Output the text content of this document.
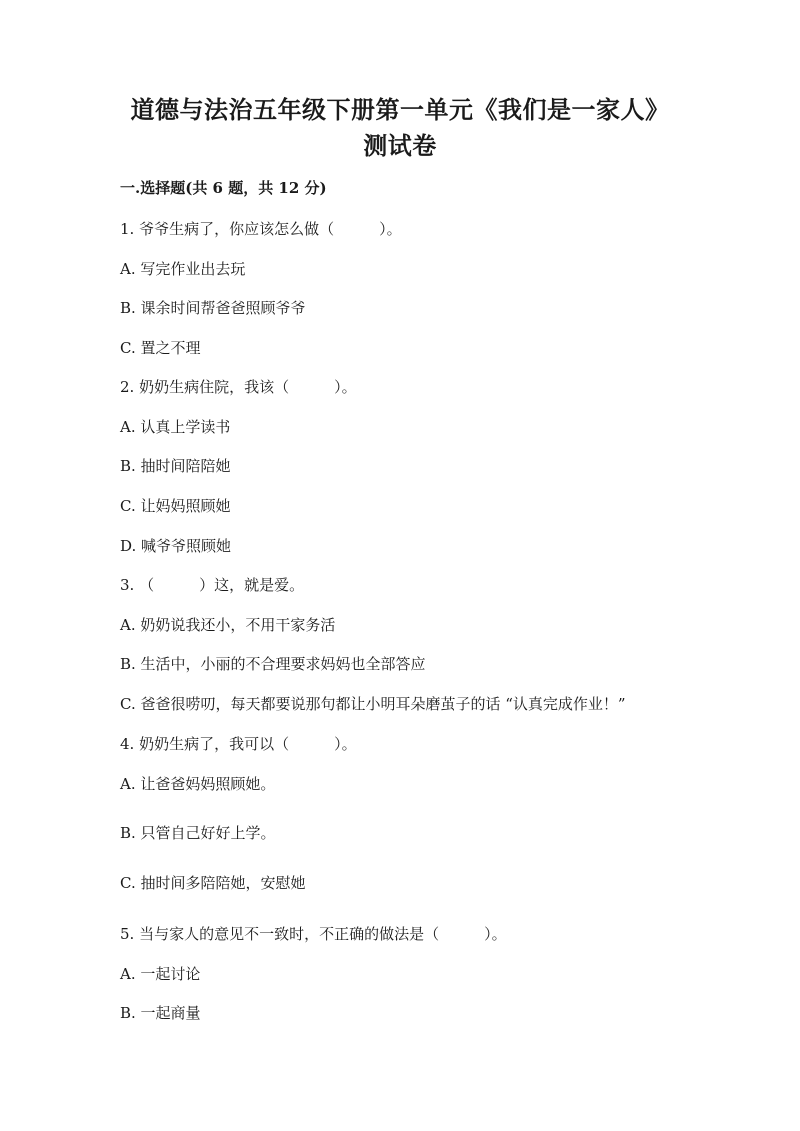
道德与法治五年级下册第一单元《我们是一家人》
测试卷
一.选择题(共 6 题，共 12 分)
1. 爷爷生病了，你应该怎么做（　　　）。
A. 写完作业出去玩
B. 课余时间帮爸爸照顾爷爷
C. 置之不理
2. 奶奶生病住院，我该（　　　）。
A. 认真上学读书
B. 抽时间陪陪她
C. 让妈妈照顾她
D. 喊爷爷照顾她
3. （　　　）这，就是爱。
A. 奶奶说我还小，不用干家务活
B. 生活中，小丽的不合理要求妈妈也全部答应
C. 爸爸很唠叨，每天都要说那句都让小明耳朵磨茧子的话 “认真完成作业！”
4. 奶奶生病了，我可以（　　　）。
A. 让爸爸妈妈照顾她。
B. 只管自己好好上学。
C. 抽时间多陪陪她，安慰她
5. 当与家人的意见不一致时，不正确的做法是（　　　）。
A. 一起讨论
B. 一起商量
